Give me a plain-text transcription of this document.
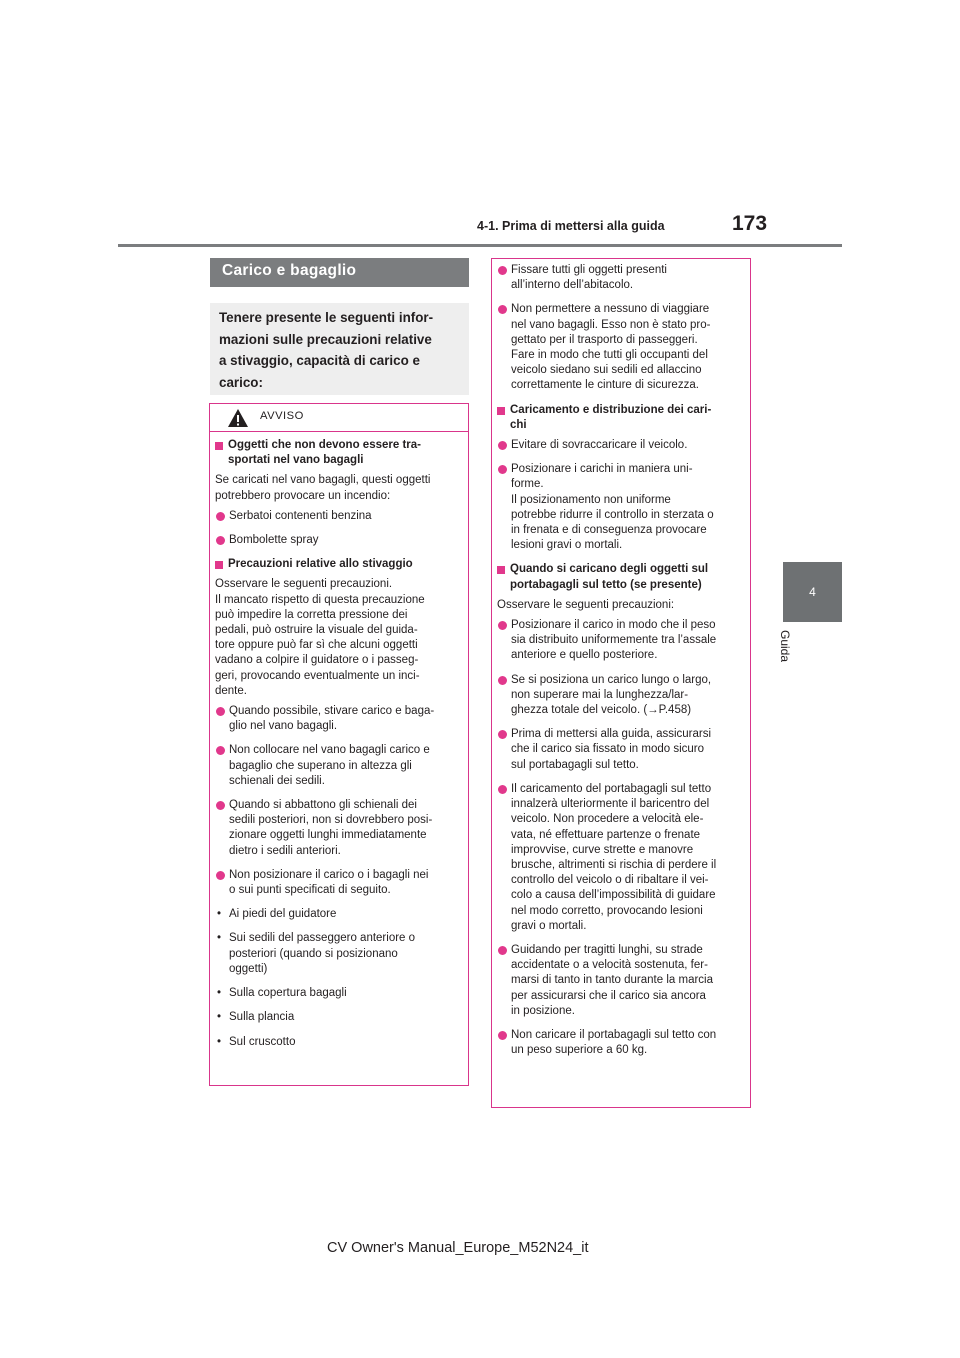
4-1. Prima di mettersi alla guida	173
4
Guida
Carico e bagaglio
Tenere presente le seguenti infor-
mazioni sulle precauzioni relative
a stivaggio, capacità di carico e
carico:
AVVISO
Oggetti che non devono essere tra-
sportati nel vano bagagli
Se caricati nel vano bagagli, questi oggetti
potrebbero provocare un incendio:
Serbatoi contenenti benzina
Bombolette spray
Precauzioni relative allo stivaggio
Osservare le seguenti precauzioni.
Il mancato rispetto di questa precauzione
può impedire la corretta pressione dei
pedali, può ostruire la visuale del guida-
tore oppure può far sì che alcuni oggetti
vadano a colpire il guidatore o i passeg-
geri, provocando eventualmente un inci-
dente.
Quando possibile, stivare carico e baga-
glio nel vano bagagli.
Non collocare nel vano bagagli carico e
bagaglio che superano in altezza gli
schienali dei sedili.
Quando si abbattono gli schienali dei
sedili posteriori, non si dovrebbero posi-
zionare oggetti lunghi immediatamente
dietro i sedili anteriori.
Non posizionare il carico o i bagagli nei
o sui punti specificati di seguito.
• Ai piedi del guidatore
• Sui sedili del passeggero anteriore o
posteriori (quando si posizionano
oggetti)
• Sulla copertura bagagli
• Sulla plancia
• Sul cruscotto
Fissare tutti gli oggetti presenti
all’interno dell’abitacolo.
Non permettere a nessuno di viaggiare
nel vano bagagli. Esso non è stato pro-
gettato per il trasporto di passeggeri.
Fare in modo che tutti gli occupanti del
veicolo siedano sui sedili ed allaccino
correttamente le cinture di sicurezza.
Caricamento e distribuzione dei cari-
chi
Evitare di sovraccaricare il veicolo.
Posizionare i carichi in maniera uni-
forme.
Il posizionamento non uniforme
potrebbe ridurre il controllo in sterzata o
in frenata e di conseguenza provocare
lesioni gravi o mortali.
Quando si caricano degli oggetti sul
portabagagli sul tetto (se presente)
Osservare le seguenti precauzioni:
Posizionare il carico in modo che il peso
sia distribuito uniformemente tra l’assale
anteriore e quello posteriore.
Se si posiziona un carico lungo o largo,
non superare mai la lunghezza/lar-
ghezza totale del veicolo. (→P.458)
Prima di mettersi alla guida, assicurarsi
che il carico sia fissato in modo sicuro
sul portabagagli sul tetto.
Il caricamento del portabagagli sul tetto
innalzerà ulteriormente il baricentro del
veicolo. Non procedere a velocità ele-
vata, né effettuare partenze o frenate
improvvise, curve strette e manovre
brusche, altrimenti si rischia di perdere il
controllo del veicolo o di ribaltare il vei-
colo a causa dell’impossibilità di guidare
nel modo corretto, provocando lesioni
gravi o mortali.
Guidando per tragitti lunghi, su strade
accidentate o a velocità sostenuta, fer-
marsi di tanto in tanto durante la marcia
per assicurarsi che il carico sia ancora
in posizione.
Non caricare il portabagagli sul tetto con
un peso superiore a 60 kg.
CV Owner's Manual_Europe_M52N24_it
